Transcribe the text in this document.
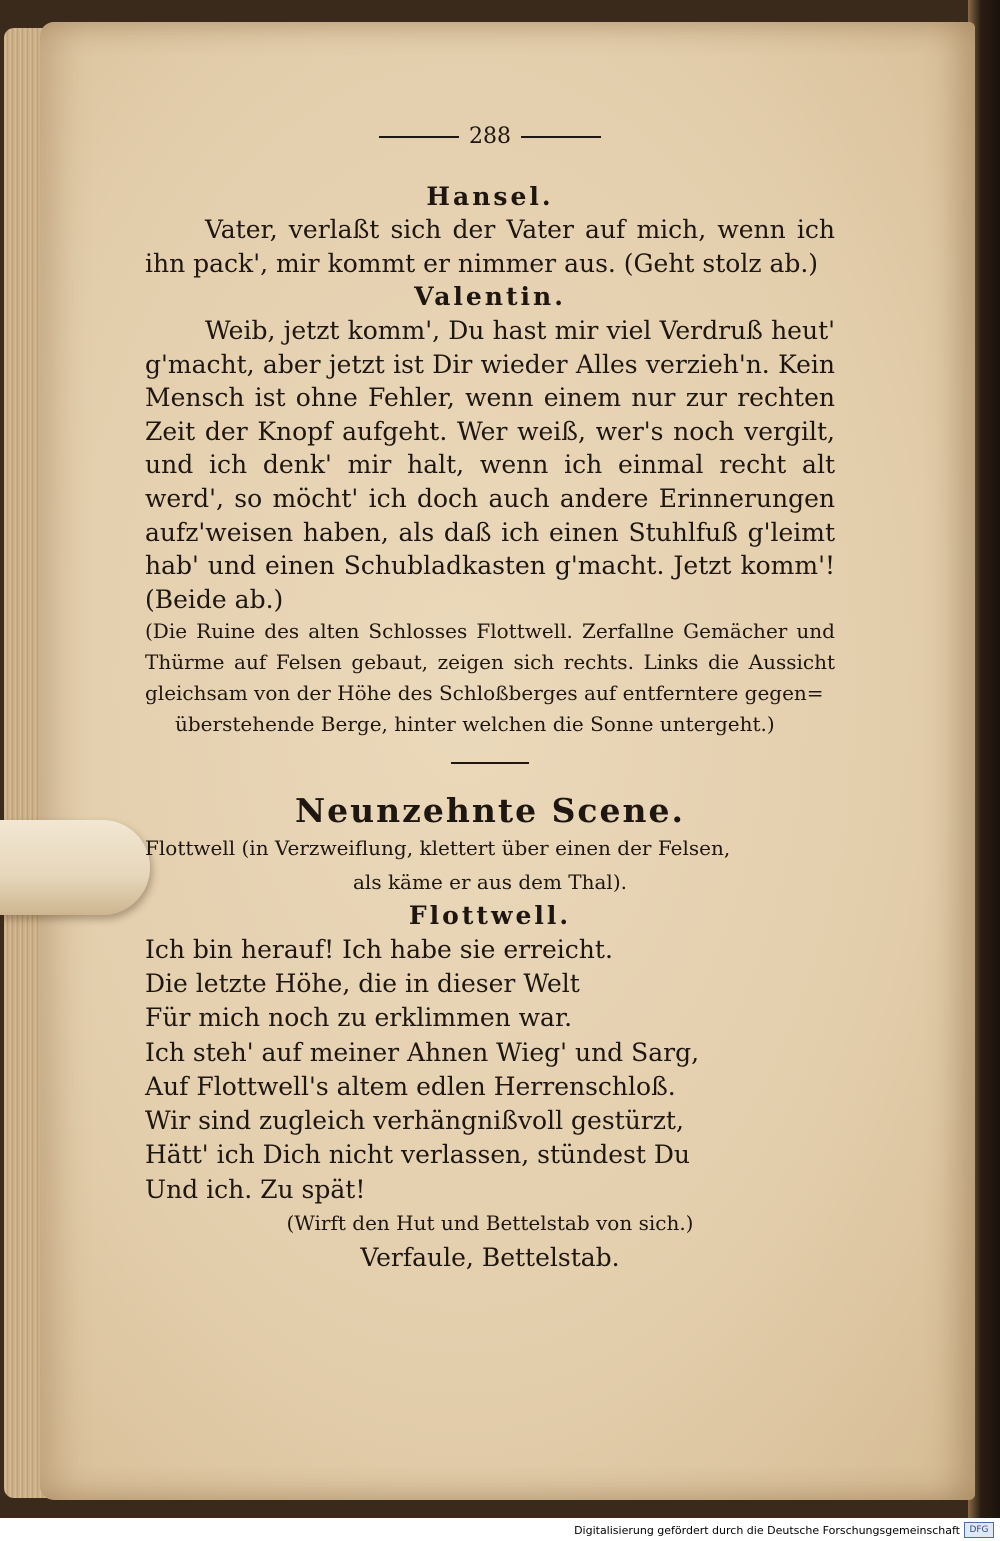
288
Hansel.
Vater, verlaßt sich der Vater auf mich, wenn ich ihn pack', mir kommt er nimmer aus. (Geht stolz ab.)
Valentin.
Weib, jetzt komm', Du hast mir viel Verdruß heut' g'macht, aber jetzt ist Dir wieder Alles verzieh'n. Kein Mensch ist ohne Fehler, wenn einem nur zur rechten Zeit der Knopf aufgeht. Wer weiß, wer's noch vergilt, und ich denk' mir halt, wenn ich einmal recht alt werd', so möcht' ich doch auch andere Erinnerungen aufz'weisen haben, als daß ich einen Stuhlfuß g'leimt hab' und einen Schubladkasten g'macht. Jetzt komm'! (Beide ab.)
(Die Ruine des alten Schlosses Flottwell. Zerfallne Gemächer und Thürme auf Felsen gebaut, zeigen sich rechts. Links die Aussicht gleichsam von der Höhe des Schloßberges auf entferntere gegen=
überstehende Berge, hinter welchen die Sonne untergeht.)
Neunzehnte Scene.
Flottwell (in Verzweiflung, klettert über einen der Felsen,
als käme er aus dem Thal).
Flottwell.
Ich bin herauf! Ich habe sie erreicht.
Die letzte Höhe, die in dieser Welt
Für mich noch zu erklimmen war.
Ich steh' auf meiner Ahnen Wieg' und Sarg,
Auf Flottwell's altem edlen Herrenschloß.
Wir sind zugleich verhängnißvoll gestürzt,
Hätt' ich Dich nicht verlassen, stündest Du
Und ich. Zu spät!
(Wirft den Hut und Bettelstab von sich.)
Verfaule, Bettelstab.
Digitalisierung gefördert durch die Deutsche Forschungsgemeinschaft	DFG
